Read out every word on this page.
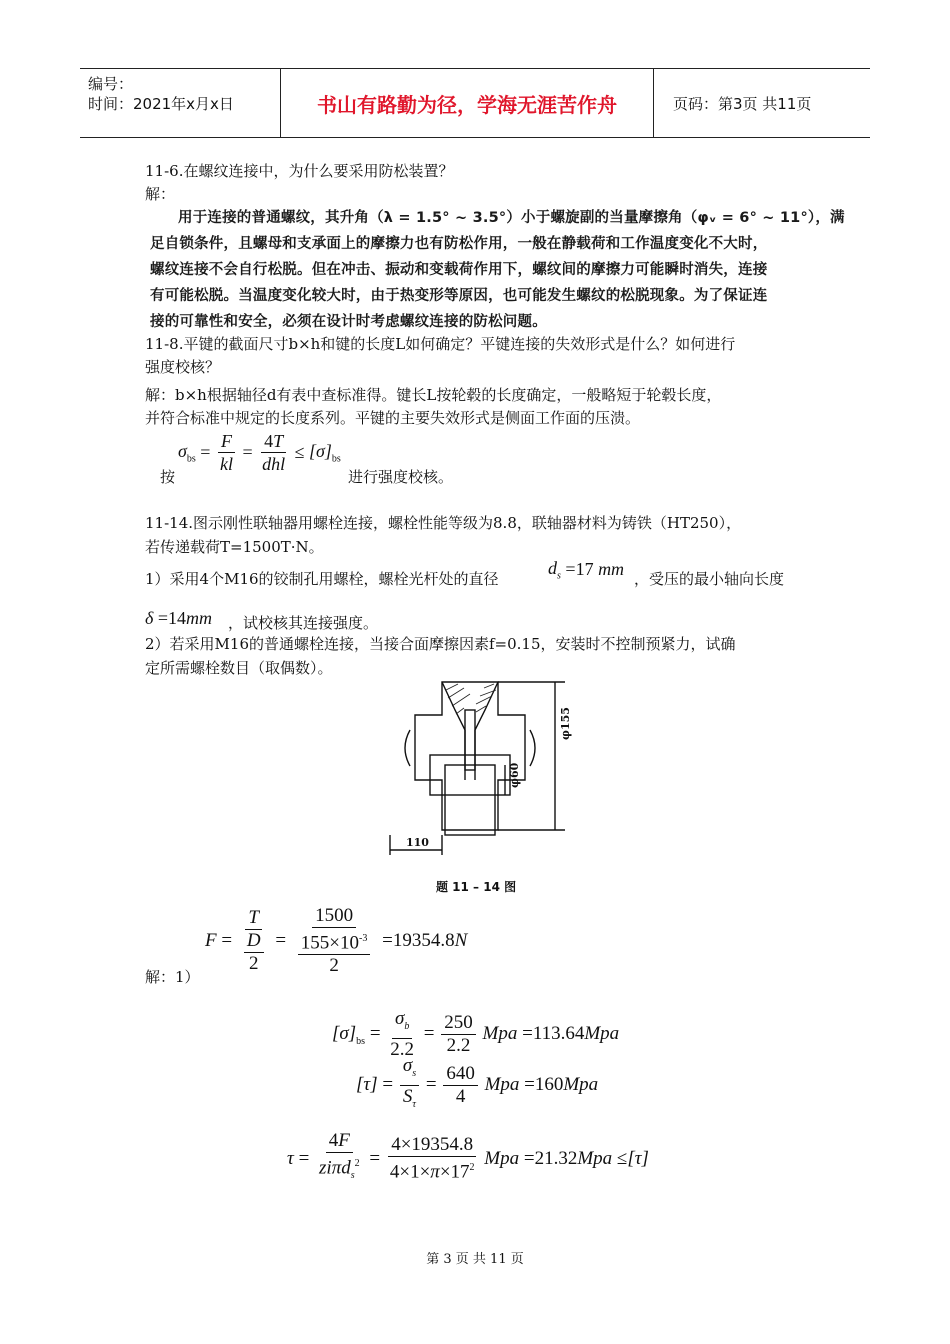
编号：
时间：2021年x月x日	书山有路勤为径，学海无涯苦作舟	页码：第3页 共11页
11-6.在螺纹连接中，为什么要采用防松装置？
解：
用于连接的普通螺纹，其升角（λ = 1.5° ~ 3.5°）小于螺旋副的当量摩擦角（φᵥ = 6° ~ 11°），满
足自锁条件，且螺母和支承面上的摩擦力也有防松作用，一般在静载荷和工作温度变化不大时，
螺纹连接不会自行松脱。但在冲击、振动和变载荷作用下，螺纹间的摩擦力可能瞬时消失，连接
有可能松脱。当温度变化较大时，由于热变形等原因，也可能发生螺纹的松脱现象。为了保证连
接的可靠性和安全，必须在设计时考虑螺纹连接的防松问题。
11-8.平键的截面尺寸b×h和键的长度L如何确定？平键连接的失效形式是什么？如何进行
强度校核？
解：b×h根据轴径d有表中查标准得。键长L按轮毂的长度确定，一般略短于轮毂长度，
并符合标准中规定的长度系列。平键的主要失效形式是侧面工作面的压溃。
按
$\sigma_{bs} = \frac{F}{kl} = \frac{4T}{\text{dhl}} \le [\sigma]_{bs}$
进行强度校核。
11-14.图示刚性联轴器用螺栓连接，螺栓性能等级为8.8，联轴器材料为铸铁（HT250），
若传递载荷T=1500T·N。
1）采用4个M16的铰制孔用螺栓，螺栓光杆处的直径
$d_s = 17$
mm ，受压的最小轴向长度
δ = 14 mm ，试校核其连接强度。
2）若采用M16的普通螺栓连接，当接合面摩擦因素f=0.15，安装时不控制预紧力，试确
定所需螺栓数目（取偶数）。
φ155
φ60
110
题 11 – 14 图
$F = \frac{T}{\frac{D}{2}} = \frac{1500}{\frac{155\times 10^{-3}}{2}} = 19354.8$ N
解：1）
$[\sigma]_{bs} = \frac{\sigma_b}{2.2} = \frac{250}{2.2}$
Mpa = 113.64 Mpa
$[\tau] = \frac{\sigma_s}{S_\tau} = \frac{640}{4}$
Mpa = 160 Mpa
$\tau = \frac{4F}{zi\pi d_s^2} = \frac{4\times 19354.8}{4\times 1\times\pi\times 17^2}$
Mpa = 21.32 Mpa ≤ [τ]
第 3 页 共 11 页
